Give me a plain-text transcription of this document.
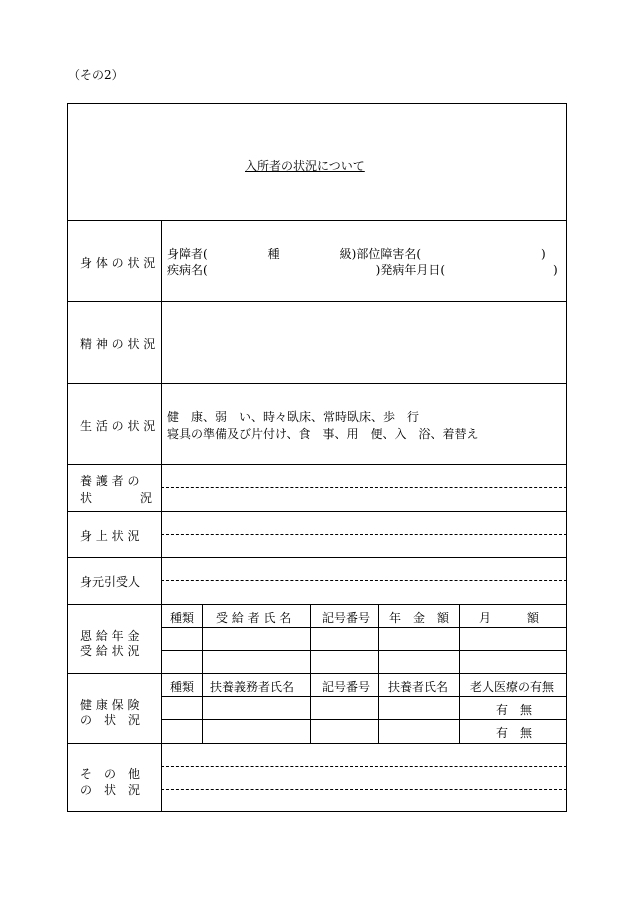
（その2）
入所者の状況について
身 体 の 状 況
身障者(　　　　　種　　　　　級)部位障害名(　　　　　　　　　　)
疾病名(　　　　　　　　　　　　　　)発病年月日(　　　　　　　　　)
精 神 の 状 況
生 活 の 状 況
健　康、弱　い、時々臥床、常時臥床、歩　行
寝具の準備及び片付け、食　事、用　便、入　浴、着替え
養 護 者 の
状　　　　況
身 上 状 況
身元引受人
恩 給 年 金
受 給 状 況
種類 受 給 者 氏 名	記号番号 年　金　額 月　　　額
健 康 保 険
の　状　況
種類 扶養義務者氏名 記号番号 扶養者氏名 老人医療の有無
有　無
有　無
そ　の　他
の　状　況
